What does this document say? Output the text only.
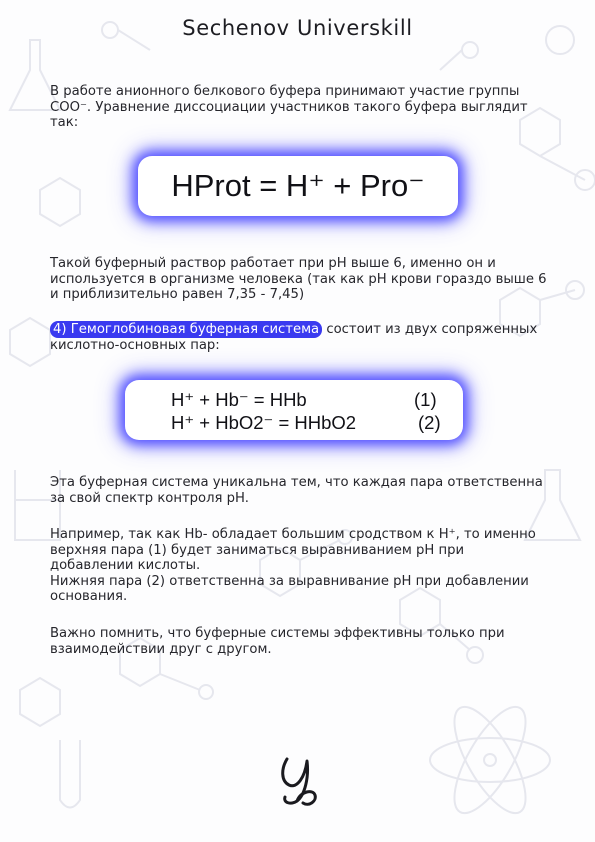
Sechenov Universkill

В работе анионного белкового буфера принимают участие группы СОО⁻. Уравнение диссоциации участников такого буфера выглядит так:

HProt = H⁺ + Pro⁻

Такой буферный раствор работает при pH выше 6, именно он и используется в организме человека (так как pH крови гораздо выше 6 и приблизительно равен 7,35 - 7,45)

4) Гемоглобиновая буферная система состоит из двух сопряженных кислотно-основных пар:

H⁺ + Hb⁻ = HHb	(1)
H⁺ + HbO2⁻ = HHbO2	(2)

Эта буферная система уникальна тем, что каждая пара ответственна за свой спектр контроля pH.

Например, так как Hb- обладает большим сродством к H⁺, то именно верхняя пара (1) будет заниматься выравниванием pH при добавлении кислоты.

Нижняя пара (2) ответственна за выравнивание pH при добавлении основания.

Важно помнить, что буферные системы эффективны только при взаимодействии друг с другом.
